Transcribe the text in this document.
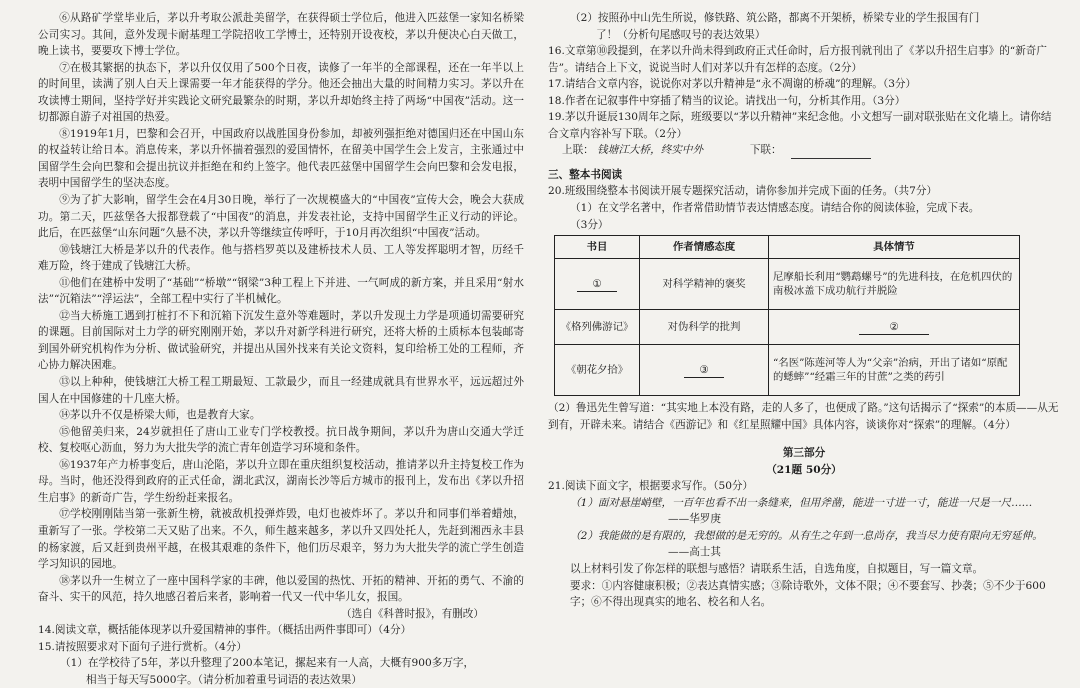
⑥从路矿学堂毕业后，茅以升考取公派赴美留学，在获得硕士学位后，他进入匹兹堡一家知名桥梁公司实习。其间，意外发现卡耐基理工学院招收工学博士，还特别开设夜校，茅以升便决心白天做工，晚上读书，要要攻下博士学位。

⑦在极其繁据的执态下，茅以升仅仅用了500个日夜，读修了一年半的全部课程，还在一年半以上的时间里，读满了别人白天上课需要一年才能获得的学分。他还会抽出大量的时间精力实习。茅以升在攻读博士期间，坚持学好并实践论文研究最繁杂的时期，茅以升却始终主持了两场“中国夜”活动。这一切都源自游子对祖国的热爱。

⑧1919年1月，巴黎和会召开，中国政府以战胜国身份参加，却被列强拒绝对德国归还在中国山东的权益转让给日本。消息传来，茅以升怀揣着强烈的爱国情怀，在留美中国学生会上发言，主张通过中国留学生会向巴黎和会提出抗议并拒绝在和约上签字。他代表匹兹堡中国留学生会向巴黎和会发电报，表明中国留学生的坚决态度。

⑨为了扩大影响，留学生会在4月30日晚，举行了一次规模盛大的“中国夜”宣传大会，晚会大获成功。第二天，匹兹堡各大报都登载了“中国夜”的消息，并发表社论，支持中国留学生正义行动的评论。此后，在匹兹堡“山东问题”久悬不决，茅以升等继续宣传呼吁，于10月再次组织“中国夜”活动。

⑩钱塘江大桥是茅以升的代表作。他与搭档罗英以及建桥技术人员、工人等发挥聪明才智，历经千难万险，终于建成了钱塘江大桥。

⑪他们在建桥中发明了“基础”“桥墩”“钢梁”3种工程上下并进、一气呵成的新方案，并且采用“射水法”“沉箱法”“浮运法”，全部工程中实行了半机械化。

⑫当大桥施工遇到打桩打不下和沉箱下沉发生意外等难题时，茅以升发现土力学是项通切需要研究的课题。目前国际对土力学的研究刚刚开始，茅以升对新学科进行研究，还将大桥的土质标本包装邮寄到国外研究机构作为分析、做试验研究，并提出从国外找来有关论文资料，复印给桥工处的工程师，齐心协力解决困难。

⑬以上种种，使钱塘江大桥工程工期最短、工款最少，而且一经建成就具有世界水平，远远超过外国人在中国修建的十几座大桥。

⑭茅以升不仅是桥梁大师，也是教育大家。

⑮他留美归来，24岁就担任了唐山工业专门学校教授。抗日战争期间，茅以升为唐山交通大学迁校、复校呕心沥血，努力为大批失学的流亡青年创造学习环境和条件。

⑯1937年产力桥事变后，唐山沦陷，茅以升立即在重庆组织复校活动，推请茅以升主持复校工作为母。当时，他还没得到政府的正式任命，湖北武汉，湖南长沙等后方城市的报刊上，发布出《茅以升招生启事》的新奇广告，学生纷纷赶来报名。

⑰学校刚刚陆当第一张新生榜，就被敌机投弹炸毁，电灯也被炸坏了。茅以升和同事们举着蜡烛，重新写了一张。学校第二天又贴了出来。不久，师生越来越多，茅以升又四处托人，先赶到湘西永丰县的杨家渡，后又赶到贵州平越，在极其艰难的条件下，他们历尽艰辛，努力为大批失学的流亡学生创造学习知识的园地。

⑱茅以升一生树立了一座中国科学家的丰碑，他以爱国的热忱、开拓的精神、开拓的勇气、不渝的奋斗、实干的风范，持久地感召着后来者，影响着一代又一代中华儿女，报国。

（选自《科普时报》，有删改）

14.阅读文章，概括能体现茅以升爱国精神的事件。（概括出两件事即可）（4分）

15.请按照要求对下面句子进行赏析。（4分）

（1）在学校待了5年，茅以升整理了200本笔记，摞起来有一人高，大概有900多万字，

相当于每天写5000字。（请分析加着重号词语的表达效果）

（2）按照孙中山先生所说，修铁路、筑公路，都离不开架桥，桥梁专业的学生报国有门

了！（分析句尾感叹号的表达效果）

16.文章第⑩段提到，在茅以升尚未得到政府正式任命时，后方报刊就刊出了《茅以升招生启事》的“新奇广告”。请结合上下文，说说当时人们对茅以升有怎样的态度。（2分）

17.请结合文章内容，说说你对茅以升精神是“永不凋谢的桥魂”的理解。（3分）

18.作者在记叙事件中穿插了精当的议论。请找出一句，分析其作用。（3分）

19.茅以升诞辰130周年之际，班级要以“茅以升精神”来纪念他。小文想写一副对联张贴在文化墙上。请你结合文章内容补写下联。（2分）

上联： 钱塘江大桥，终实中外	下联：

三、整本书阅读

20.班级围绕整本书阅读开展专题探究活动，请你参加并完成下面的任务。（共7分）

（1）在文学名著中，作者常借助情节表达情感态度。请结合你的阅读体验，完成下表。

（3分）

书目	作者情感态度	具体情节
①	对科学精神的褒奖	尼摩船长利用“鹦鹉螺号”的先进科技，在危机四伏的南极冰盖下成功航行并脱险
《格列佛游记》	对伪科学的批判	②
《朝花夕拾》	③	“名医”陈莲河等人为“父亲”治病，开出了诸如“原配的蟋蟀”“经霜三年的甘蔗”之类的药引

（2）鲁迅先生曾写道：“其实地上本没有路，走的人多了，也便成了路。”这句话揭示了“探索”的本质——从无到有，开辟未来。请结合《西游记》和《红星照耀中国》具体内容，谈谈你对“探索”的理解。（4分）

第三部分

（21题 50分）

21.阅读下面文字，根据要求写作。（50分）

（1）面对悬崖峭壁，一百年也看不出一条缝来，但用斧凿，能进一寸进一寸，能进一尺是一尺……

——华罗庚

（2）我能做的是有限的，我想做的是无穷的。从有生之年到一息尚存，我当尽力使有限向无穷延伸。

——高士其

以上材料引发了你怎样的联想与感悟？请联系生活，自选角度，自拟题目，写一篇文章。

要求：①内容健康积极；②表达真情实感；③除诗歌外，文体不限；④不要套写、抄袭；⑤不少于600字；⑥不得出现真实的地名、校名和人名。
